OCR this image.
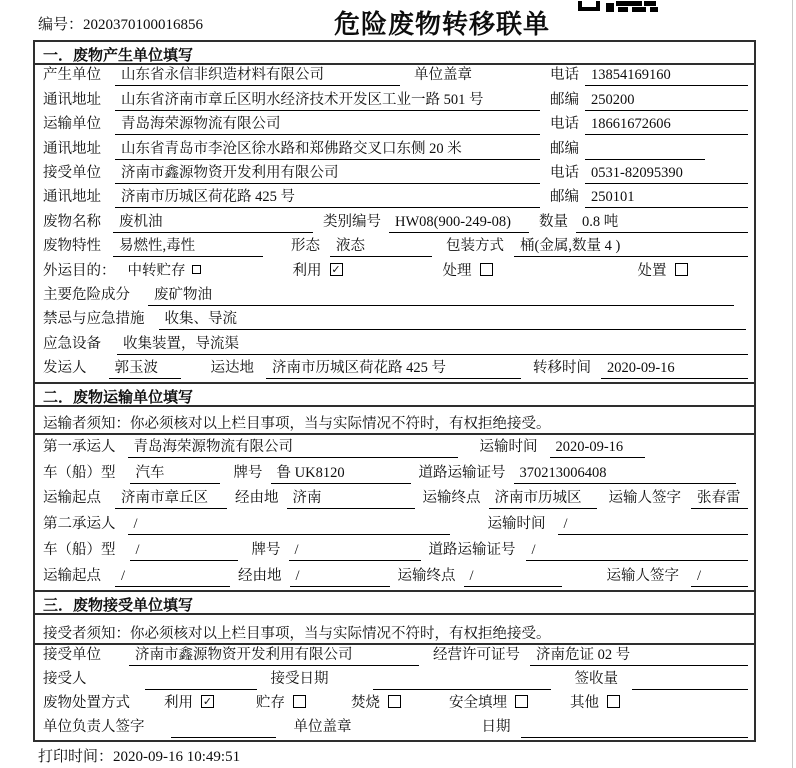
编号：2020370100016856	危险废物转移联单
一．废物产生单位填写
产生单位	山东省永信非织造材料有限公司	单位盖章	电话 13854169160
通讯地址	山东省济南市章丘区明水经济技术开发区工业一路 501 号	邮编 250200
运输单位	青岛海荣源物流有限公司	电话 18661672606
通讯地址	山东省青岛市李沧区徐水路和郑佛路交叉口东侧 20 米	邮编
接受单位	济南市鑫源物资开发利用有限公司	电话 0531-82095390
通讯地址	济南市历城区荷花路 425 号	邮编 250101
废物名称	废机油	类别编号 HW08(900-249-08)	数量 0.8 吨
废物特性	易燃性,毒性	形态	液态	包装方式	桶(金属,数量 4 )
外运目的： 中转贮存	利用 ✓	处理	处置
主要危险成分	废矿物油
禁忌与应急措施	收集、导流
应急设备	收集装置，导流渠
发运人	郭玉波	运达地	济南市历城区荷花路 425 号	转移时间	2020-09-16
二．废物运输单位填写
运输者须知：你必须核对以上栏目事项，当与实际情况不符时，有权拒绝接受。
第一承运人	青岛海荣源物流有限公司	运输时间	2020-09-16
车（船）型	汽车	牌号 鲁 UK8120	道路运输证号 370213006408
运输起点	济南市章丘区	经由地 济南	运输终点 济南市历城区	运输人签字	张春雷
第二承运人	/	运输时间	/
车（船）型	/	牌号 /	道路运输证号	/
运输起点	/	经由地 /	运输终点 /	运输人签字	/
三．废物接受单位填写
接受者须知：你必须核对以上栏目事项，当与实际情况不符时，有权拒绝接受。
接受单位	济南市鑫源物资开发利用有限公司	经营许可证号	济南危证 02 号
接受人	接受日期	签收量
废物处置方式 利用 ✓	贮存	焚烧	安全填埋	其他
单位负责人签字	单位盖章	日期
打印时间：2020-09-16 10:49:51
